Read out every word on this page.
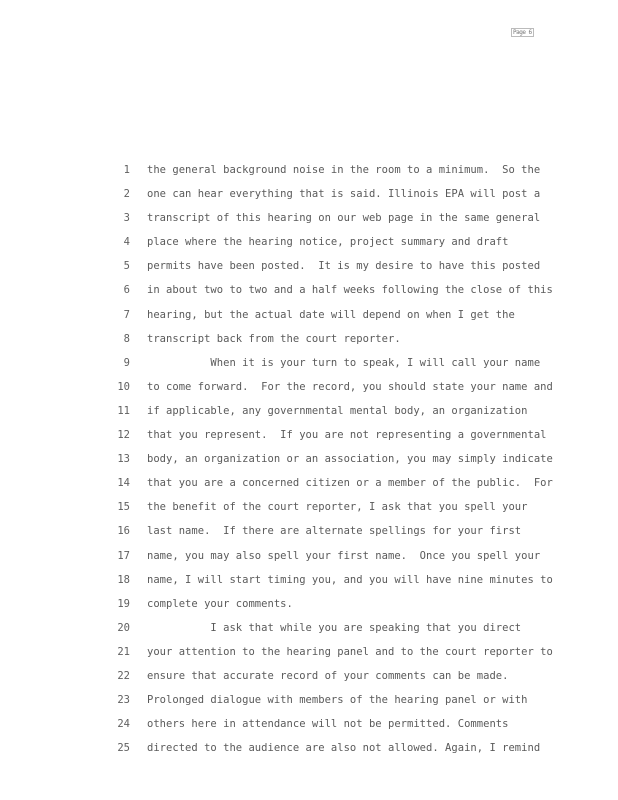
Page 6
1 the general background noise in the room to a minimum.  So the
2 one can hear everything that is said. Illinois EPA will post a
3 transcript of this hearing on our web page in the same general
4 place where the hearing notice, project summary and draft
5 permits have been posted.  It is my desire to have this posted
6 in about two to two and a half weeks following the close of this
7 hearing, but the actual date will depend on when I get the
8 transcript back from the court reporter.
9 When it is your turn to speak, I will call your name
10 to come forward.  For the record, you should state your name and
11 if applicable, any governmental mental body, an organization
12 that you represent.  If you are not representing a governmental
13 body, an organization or an association, you may simply indicate
14 that you are a concerned citizen or a member of the public.  For
15 the benefit of the court reporter, I ask that you spell your
16 last name.  If there are alternate spellings for your first
17 name, you may also spell your first name.  Once you spell your
18 name, I will start timing you, and you will have nine minutes to
19 complete your comments.
20 I ask that while you are speaking that you direct
21 your attention to the hearing panel and to the court reporter to
22 ensure that accurate record of your comments can be made.
23 Prolonged dialogue with members of the hearing panel or with
24 others here in attendance will not be permitted. Comments
25 directed to the audience are also not allowed. Again, I remind
